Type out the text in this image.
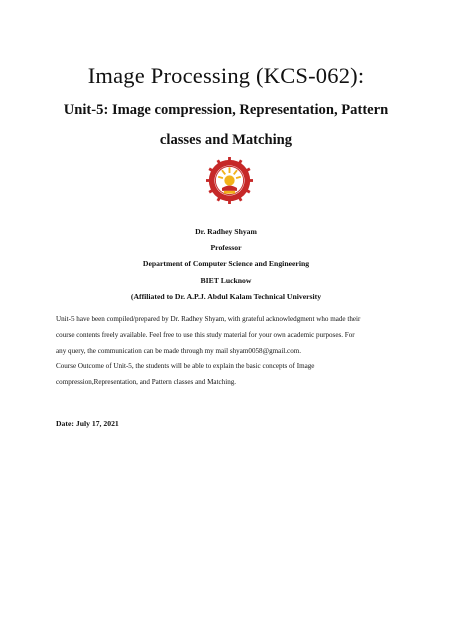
Image Processing (KCS-062):
Unit-5: Image compression, Representation, Pattern
classes and Matching
Dr. Radhey Shyam
Professor
Department of Computer Science and Engineering
BIET Lucknow
(Affiliated to Dr. A.P.J. Abdul Kalam Technical University

Unit-5 have been compiled/prepared by Dr. Radhey Shyam, with grateful acknowledgment who made their

course contents freely available. Feel free to use this study material for your own academic purposes. For

any query, the communication can be made through my mail shyam0058@gmail.com.

Course Outcome of Unit-5, the students will be able to explain the basic concepts of Image

compression,Representation, and Pattern classes and Matching.

Date: July 17, 2021
